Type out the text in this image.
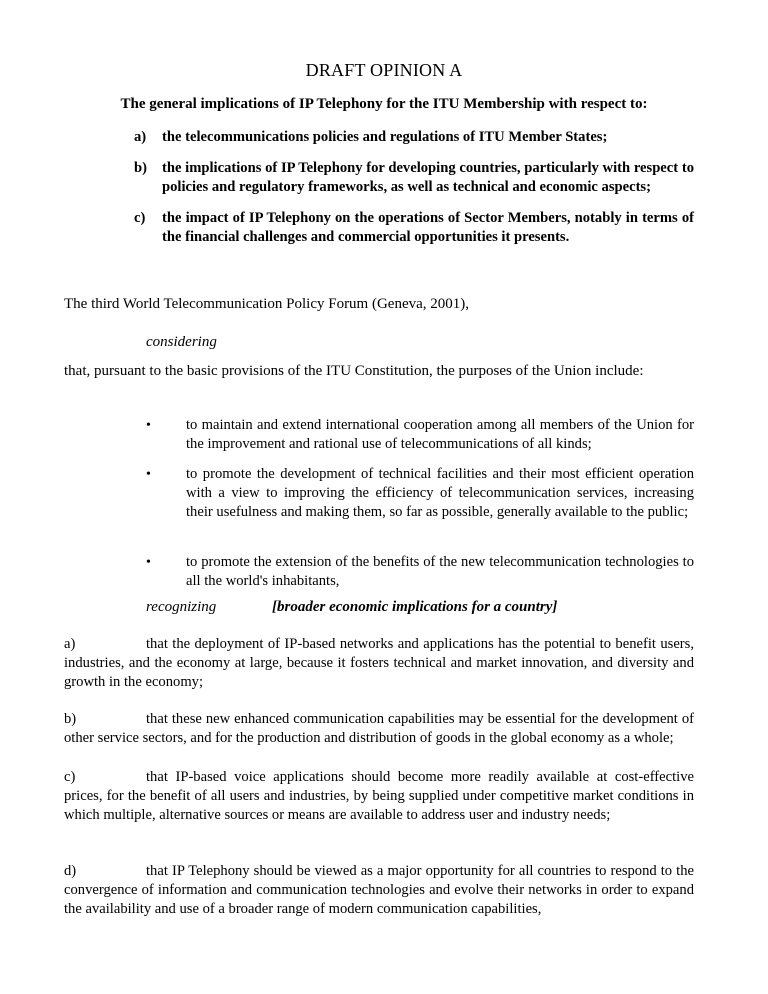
DRAFT OPINION A
The general implications of IP Telephony for the ITU Membership with respect to:
a) the telecommunications policies and regulations of ITU Member States;
b) the implications of IP Telephony for developing countries, particularly with respect to policies and regulatory frameworks, as well as technical and economic aspects;
c) the impact of IP Telephony on the operations of Sector Members, notably in terms of the financial challenges and commercial opportunities it presents.
The third World Telecommunication Policy Forum (Geneva, 2001),
considering

that, pursuant to the basic provisions of the ITU Constitution, the purposes of the Union include:

• to maintain and extend international cooperation among all members of the Union for the improvement and rational use of telecommunications of all kinds;
• to promote the development of technical facilities and their most efficient operation with a view to improving the efficiency of telecommunication services, increasing their usefulness and making them, so far as possible, generally available to the public;
• to promote the extension of the benefits of the new telecommunication technologies to all the world's inhabitants,
recognizing	[broader economic implications for a country]

a)	that the deployment of IP-based networks and applications has the potential to benefit users, industries, and the economy at large, because it fosters technical and market innovation, and diversity and growth in the economy;

b)	that these new enhanced communication capabilities may be essential for the development of other service sectors, and for the production and distribution of goods in the global economy as a whole;

c)	that IP-based voice applications should become more readily available at cost-effective prices, for the benefit of all users and industries, by being supplied under competitive market conditions in which multiple, alternative sources or means are available to address user and industry needs;

d)	that IP Telephony should be viewed as a major opportunity for all countries to respond to the convergence of information and communication technologies and evolve their networks in order to expand the availability and use of a broader range of modern communication capabilities,
